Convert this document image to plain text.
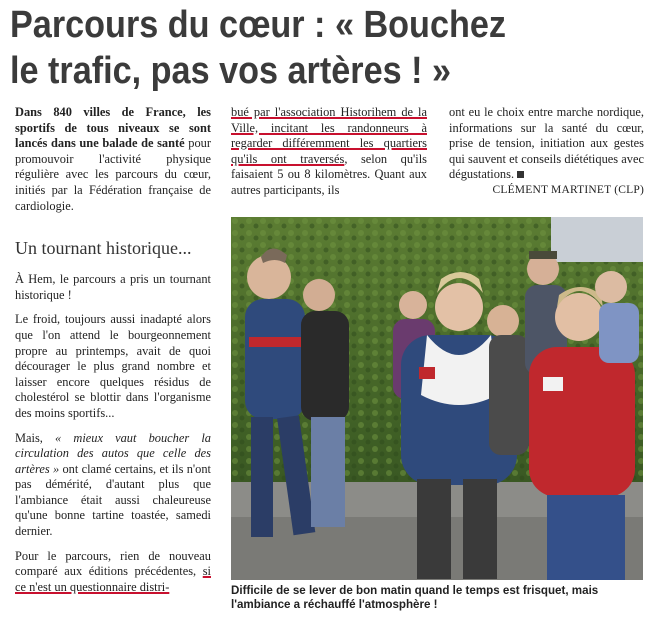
Parcours du cœur : « Bouchez
le trafic, pas vos artères ! »

Dans 840 villes de France, les sportifs de tous niveaux se sont lancés dans une balade de santé pour promouvoir l'activité physique régulière avec les parcours du cœur, initiés par la Fédération française de cardiologie.

Un tournant historique...

À Hem, le parcours a pris un tournant historique !

Le froid, toujours aussi inadapté alors que l'on attend le bourgeonnement propre au printemps, avait de quoi décourager le plus grand nombre et laisser encore quelques résidus de cholestérol se blottir dans l'organisme des moins sportifs...

Mais, « mieux vaut boucher la circulation des autos que celle des artères » ont clamé certains, et ils n'ont pas démérité, d'autant plus que l'ambiance était aussi chaleureuse qu'une bonne tartine toastée, samedi dernier.

Pour le parcours, rien de nouveau comparé aux éditions précédentes, si ce n'est un questionnaire distri-

bué par l'association Historihem de la Ville, incitant les randonneurs à regarder différemment les quartiers qu'ils ont traversés, selon qu'ils faisaient 5 ou 8 kilomètres. Quant aux autres participants, ils

ont eu le choix entre marche nordique, informations sur la santé du cœur, prise de tension, initiation aux gestes qui sauvent et conseils diététiques avec dégustations.

CLÉMENT MARTINET (CLP)

Difficile de se lever de bon matin quand le temps est frisquet, mais l'ambiance a réchauffé l'atmosphère !
